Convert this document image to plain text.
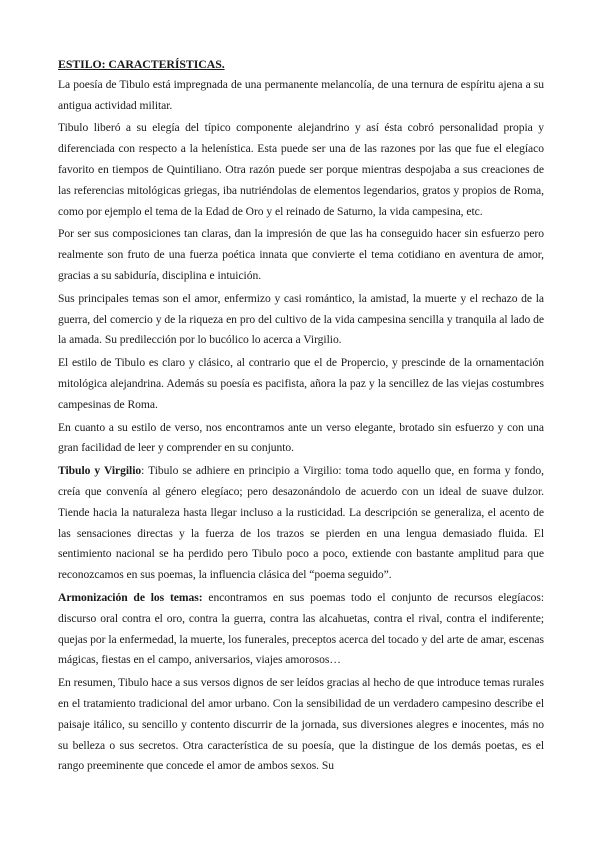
ESTILO: CARACTERÍSTICAS.

La poesía de Tibulo está impregnada de una permanente melancolía, de una ternura de espíritu ajena a su antigua actividad militar.

Tibulo liberó a su elegía del típico componente alejandrino y así ésta cobró personalidad propia y diferenciada con respecto a la helenística. Esta puede ser una de las razones por las que fue el elegíaco favorito en tiempos de Quintiliano. Otra razón puede ser porque mientras despojaba a sus creaciones de las referencias mitológicas griegas, iba nutriéndolas de elementos legendarios, gratos y propios de Roma, como por ejemplo el tema de la Edad de Oro y el reinado de Saturno, la vida campesina, etc.

Por ser sus composiciones tan claras, dan la impresión de que las ha conseguido hacer sin esfuerzo pero realmente son fruto de una fuerza poética innata que convierte el tema cotidiano en aventura de amor, gracias a su sabiduría, disciplina e intuición.

Sus principales temas son el amor, enfermizo y casi romántico, la amistad, la muerte y el rechazo de la guerra, del comercio y de la riqueza en pro del cultivo de la vida campesina sencilla y tranquila al lado de la amada. Su predilección por lo bucólico lo acerca a Virgilio.

El estilo de Tibulo es claro y clásico, al contrario que el de Propercio, y prescinde de la ornamentación mitológica alejandrina. Además su poesía es pacifista, añora la paz y la sencillez de las viejas costumbres campesinas de Roma.

En cuanto a su estilo de verso, nos encontramos ante un verso elegante, brotado sin esfuerzo y con una gran facilidad de leer y comprender en su conjunto.

Tibulo y Virgilio: Tibulo se adhiere en principio a Virgilio: toma todo aquello que, en forma y fondo, creía que convenía al género elegíaco; pero desazonándolo de acuerdo con un ideal de suave dulzor. Tiende hacia la naturaleza hasta llegar incluso a la rusticidad. La descripción se generaliza, el acento de las sensaciones directas y la fuerza de los trazos se pierden en una lengua demasiado fluida. El sentimiento nacional se ha perdido pero Tibulo poco a poco, extiende con bastante amplitud para que reconozcamos en sus poemas, la influencia clásica del “poema seguido”.

Armonización de los temas: encontramos en sus poemas todo el conjunto de recursos elegíacos: discurso oral contra el oro, contra la guerra, contra las alcahuetas, contra el rival, contra el indiferente; quejas por la enfermedad, la muerte, los funerales, preceptos acerca del tocado y del arte de amar, escenas mágicas, fiestas en el campo, aniversarios, viajes amorosos…

En resumen, Tibulo hace a sus versos dignos de ser leídos gracias al hecho de que introduce temas rurales en el tratamiento tradicional del amor urbano. Con la sensibilidad de un verdadero campesino describe el paisaje itálico, su sencillo y contento discurrir de la jornada, sus diversiones alegres e inocentes, más no su belleza o sus secretos. Otra característica de su poesía, que la distingue de los demás poetas, es el rango preeminente que concede el amor de ambos sexos. Su
